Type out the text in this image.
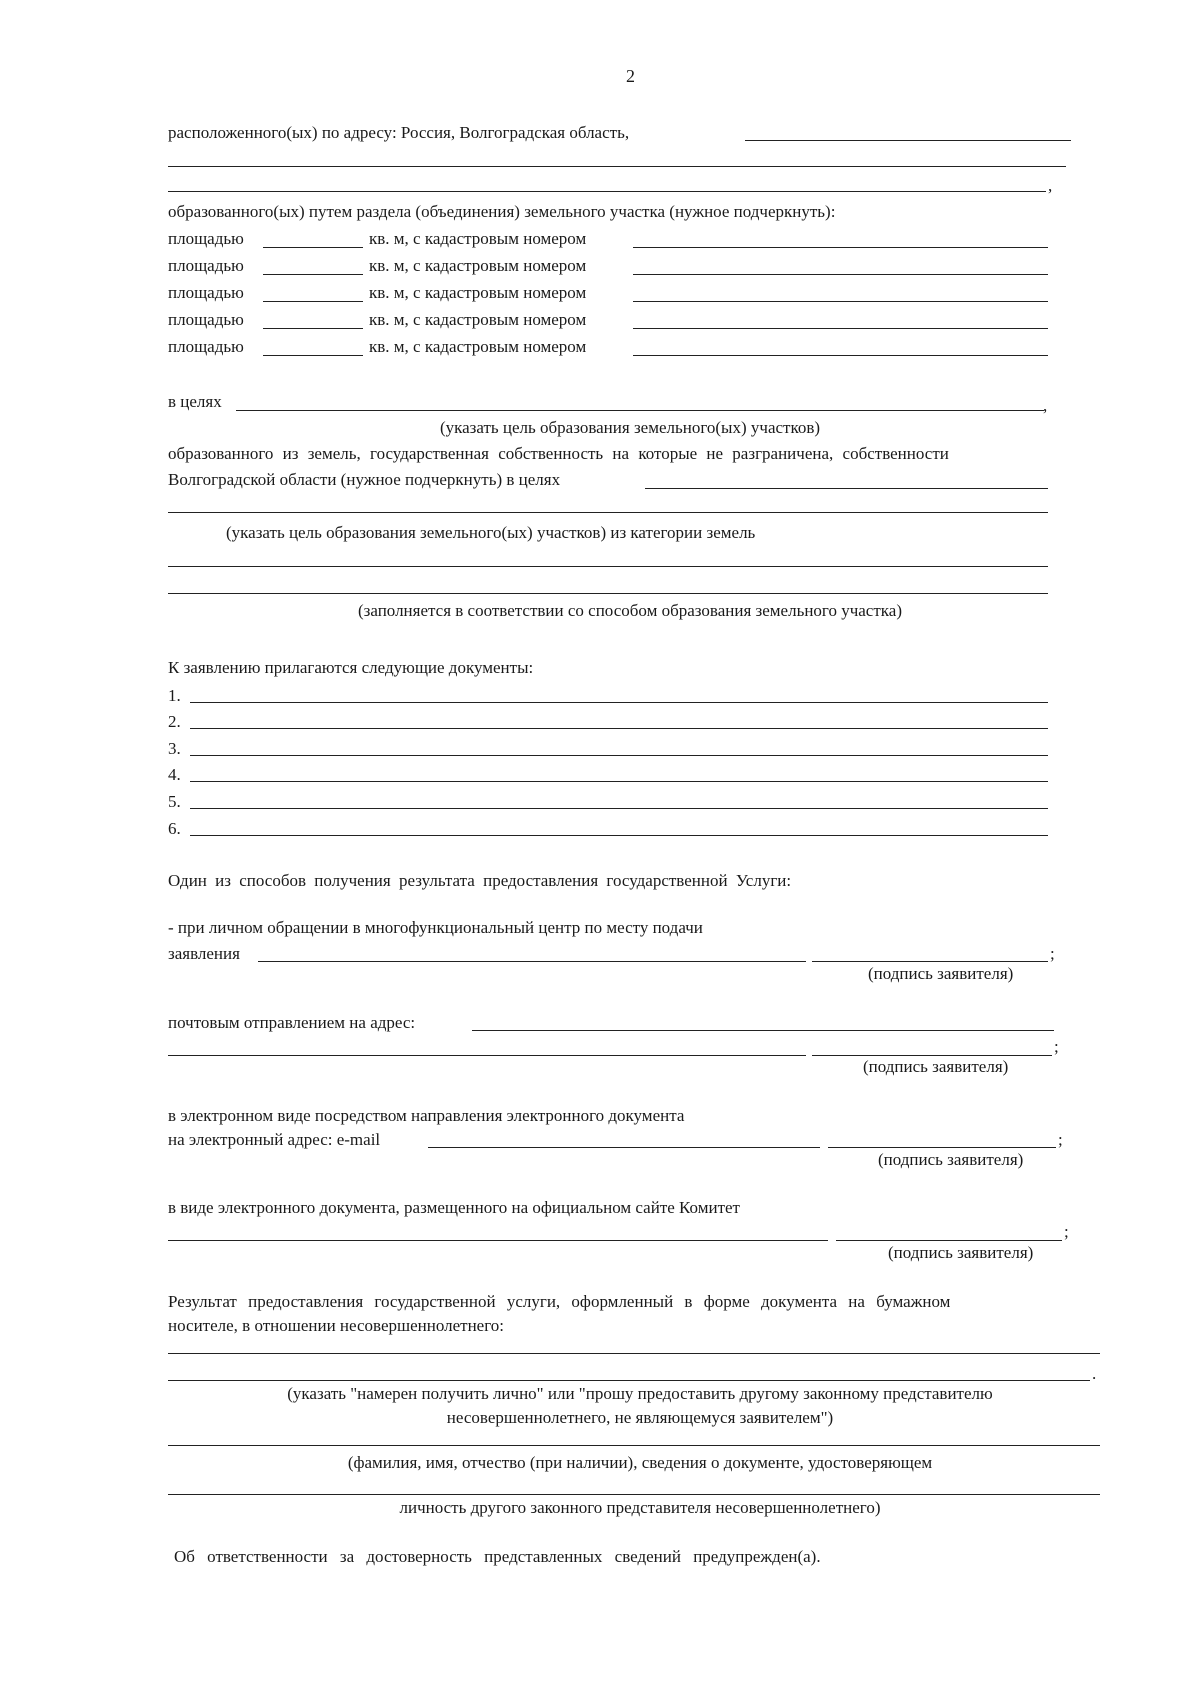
2
расположенного(ых) по адресу: Россия, Волгоградская область,
,
образованного(ых) путем раздела (объединения) земельного участка (нужное подчеркнуть):
площадью	кв. м, с кадастровым номером
площадью	кв. м, с кадастровым номером
площадью	кв. м, с кадастровым номером
площадью	кв. м, с кадастровым номером
площадью	кв. м, с кадастровым номером
в целях	,
(указать цель образования земельного(ых) участков)
образованного из земель, государственная собственность на которые не разграничена, собственности
Волгоградской области (нужное подчеркнуть) в целях
(указать цель образования земельного(ых) участков) из категории земель
(заполняется в соответствии со способом образования земельного участка)
К заявлению прилагаются следующие документы:
1.
2.
3.
4.
5.
6.
Один из способов получения результата предоставления государственной Услуги:
- при личном обращении в многофункциональный центр по месту подачи
заявления	;
(подпись заявителя)
почтовым отправлением на адрес:
;
(подпись заявителя)
в электронном виде посредством направления электронного документа
на электронный адрес: e-mail	;
(подпись заявителя)
в виде электронного документа, размещенного на официальном сайте Комитет
;
(подпись заявителя)
Результат предоставления государственной услуги, оформленный в форме документа на бумажном
носителе, в отношении несовершеннолетнего:
.
(указать "намерен получить лично" или "прошу предоставить другому законному представителю
несовершеннолетнего, не являющемуся заявителем")
(фамилия, имя, отчество (при наличии), сведения о документе, удостоверяющем
личность другого законного представителя несовершеннолетнего)
Об ответственности за достоверность представленных сведений предупрежден(а).
